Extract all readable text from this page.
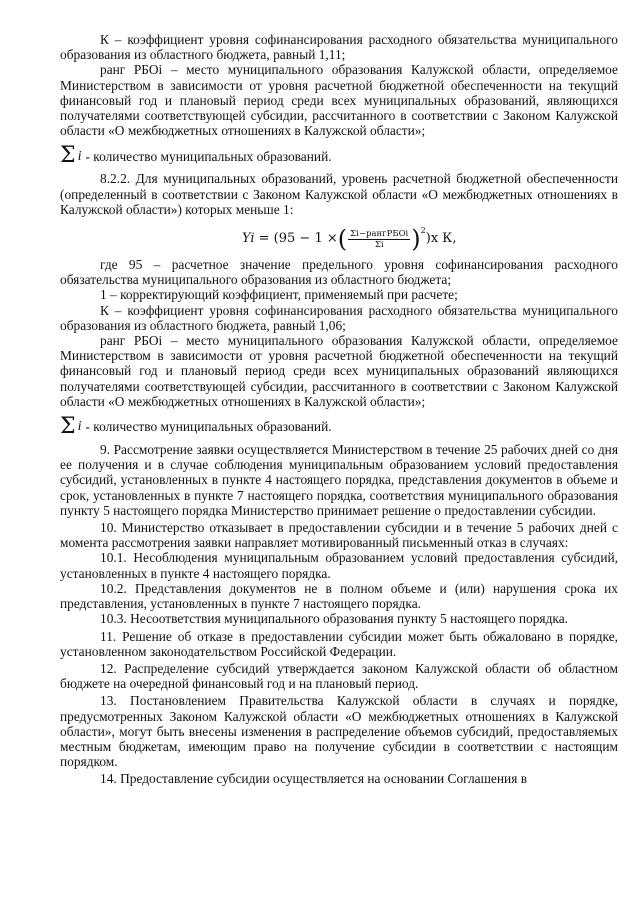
К – коэффициент уровня софинансирования расходного обязательства муниципального образования из областного бюджета, равный 1,11;

ранг РБОi – место муниципального образования Калужской области, определяемое Министерством в зависимости от уровня расчетной бюджетной обеспеченности на текущий финансовый год и плановый период среди всех муниципальных образований, являющихся получателями соответствующей субсидии, рассчитанного в соответствии с Законом Калужской области «О межбюджетных отношениях в Калужской области»;

Σ i - количество муниципальных образований.

8.2.2. Для муниципальных образований, уровень расчетной бюджетной обеспеченности (определенный в соответствии с Законом Калужской области «О межбюджетных отношениях в Калужской области») которых меньше 1:

Yi
= (95 − 1 × ( $\frac{\text{Σi−рангРБОi}}{\Sigma i}$ ) 2
) x К,

где 95 – расчетное значение предельного уровня софинансирования расходного обязательства муниципального образования из областного бюджета;

1 – корректирующий коэффициент, применяемый при расчете;

К – коэффициент уровня софинансирования расходного обязательства муниципального образования из областного бюджета, равный 1,06;

ранг РБОi – место муниципального образования Калужской области, определяемое Министерством в зависимости от уровня расчетной бюджетной обеспеченности на текущий финансовый год и плановый период среди всех муниципальных образований являющихся получателями соответствующей субсидии, рассчитанного в соответствии с Законом Калужской области «О межбюджетных отношениях в Калужской области»;

Σ i - количество муниципальных образований.

9. Рассмотрение заявки осуществляется Министерством в течение 25 рабочих дней со дня ее получения и в случае соблюдения муниципальным образованием условий предоставления субсидий, установленных в пункте 4 настоящего порядка, представления документов в объеме и срок, установленных в пункте 7 настоящего порядка, соответствия муниципального образования пункту 5 настоящего порядка Министерство принимает решение о предоставлении субсидии.

10. Министерство отказывает в предоставлении субсидии и в течение 5 рабочих дней с момента рассмотрения заявки направляет мотивированный письменный отказ в случаях:

10.1. Несоблюдения муниципальным образованием условий предоставления субсидий, установленных в пункте 4 настоящего порядка.

10.2. Представления документов не в полном объеме и (или) нарушения срока их представления, установленных в пункте 7 настоящего порядка.

10.3. Несоответствия муниципального образования пункту 5 настоящего порядка.

11. Решение об отказе в предоставлении субсидии может быть обжаловано в порядке, установленном законодательством Российской Федерации.

12. Распределение субсидий утверждается законом Калужской области об областном бюджете на очередной финансовый год и на плановый период.

13. Постановлением Правительства Калужской области в случаях и порядке, предусмотренных Законом Калужской области «О межбюджетных отношениях в Калужской области», могут быть внесены изменения в распределение объемов субсидий, предоставляемых местным бюджетам, имеющим право на получение субсидии в соответствии с настоящим порядком.

14. Предоставление субсидии осуществляется на основании Соглашения в
